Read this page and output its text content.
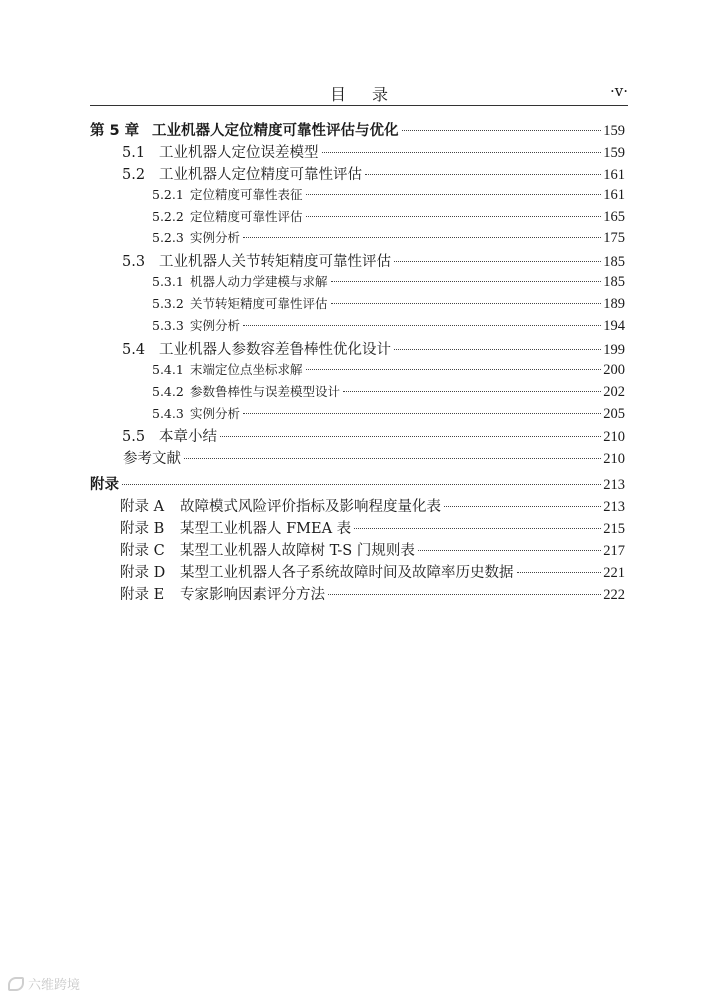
目录	·v·
第 5 章 工业机器人定位精度可靠性评估与优化	159
5.1 工业机器人定位误差模型	159
5.2 工业机器人定位精度可靠性评估	161
5.2.1 定位精度可靠性表征	161
5.2.2 定位精度可靠性评估	165
5.2.3 实例分析	175
5.3 工业机器人关节转矩精度可靠性评估	185
5.3.1 机器人动力学建模与求解	185
5.3.2 关节转矩精度可靠性评估	189
5.3.3 实例分析	194
5.4 工业机器人参数容差鲁棒性优化设计	199
5.4.1 末端定位点坐标求解	200
5.4.2 参数鲁棒性与误差模型设计	202
5.4.3 实例分析	205
5.5 本章小结	210
参考文献	210
附录	213
附录 A	故障模式风险评价指标及影响程度量化表	213
附录 B	某型工业机器人 FMEA 表	215
附录 C	某型工业机器人故障树 T-S 门规则表	217
附录 D	某型工业机器人各子系统故障时间及故障率历史数据	221
附录 E	专家影响因素评分方法	222
六维跨境
